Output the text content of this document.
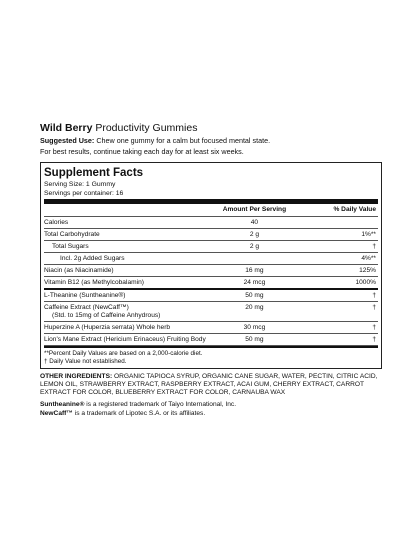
Wild Berry Productivity Gummies
Suggested Use: Chew one gummy for a calm but focused mental state.
For best results, continue taking each day for at least six weeks.
Supplement Facts
Serving Size: 1 Gummy
Servings per container: 16
	Amount Per Serving	% Daily Value
Calories	40	
Total Carbohydrate	2 g	1%**
Total Sugars	2 g	†
Incl. 2g Added Sugars		4%**
Niacin (as Niacinamide)	16 mg	125%
Vitamin B12 (as Methylcobalamin)	24 mcg	1000%
L-Theanine (Suntheanine®)	50 mg	†

Caffeine Extract (NewCaff™)
(Std. to 15mg of Caffeine Anhydrous)	20 mg	†
Huperzine A (Huperzia serrata) Whole herb	30 mcg	†
Lion's Mane Extract (Hericium Erinaceus) Fruiting Body	50 mg	†
**Percent Daily Values are based on a 2,000-calorie diet.
† Daily Value not established.
OTHER INGREDIENTS: ORGANIC TAPIOCA SYRUP, ORGANIC CANE SUGAR, WATER, PECTIN, CITRIC ACID, LEMON OIL, STRAWBERRY EXTRACT, RASPBERRY EXTRACT, ACAI GUM, CHERRY EXTRACT, CARROT EXTRACT FOR COLOR, BLUEBERRY EXTRACT FOR COLOR, CARNAUBA WAX
Suntheanine® is a registered trademark of Taiyo International, Inc.
NewCaff™ is a trademark of Lipotec S.A. or its affiliates.
